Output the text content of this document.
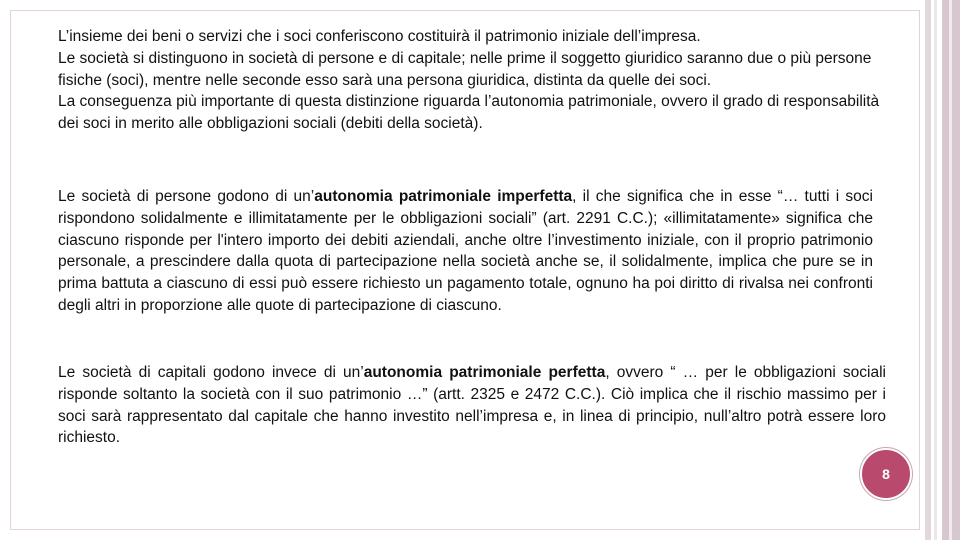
L’insieme dei beni o servizi che i soci conferiscono costituirà il patrimonio iniziale dell’impresa.
Le società si distinguono in società di persone e di capitale; nelle prime il soggetto giuridico saranno due o più persone fisiche (soci), mentre nelle seconde esso sarà una persona giuridica, distinta da quelle dei soci.
La conseguenza più importante di questa distinzione riguarda l’autonomia patrimoniale, ovvero il grado di responsabilità dei soci in merito alle obbligazioni sociali (debiti della società).

Le società di persone godono di un’autonomia patrimoniale imperfetta, il che significa che in esse “… tutti i soci rispondono solidalmente e illimitatamente per le obbligazioni sociali” (art. 2291 C.C.); «illimitatamente» significa che ciascuno risponde per l'intero importo dei debiti aziendali, anche oltre l’investimento iniziale, con il proprio patrimonio personale, a prescindere dalla quota di partecipazione nella società anche se, il solidalmente, implica che pure se in prima battuta a ciascuno di essi può essere richiesto un pagamento totale, ognuno ha poi diritto di rivalsa nei confronti degli altri in proporzione alle quote di partecipazione di ciascuno.

Le società di capitali godono invece di un’autonomia patrimoniale perfetta, ovvero “ … per le obbligazioni sociali risponde soltanto la società con il suo patrimonio …” (artt. 2325 e 2472 C.C.). Ciò implica che il rischio massimo per i soci sarà rappresentato dal capitale che hanno investito nell’impresa e, in linea di principio, null’altro potrà essere loro richiesto.

8
